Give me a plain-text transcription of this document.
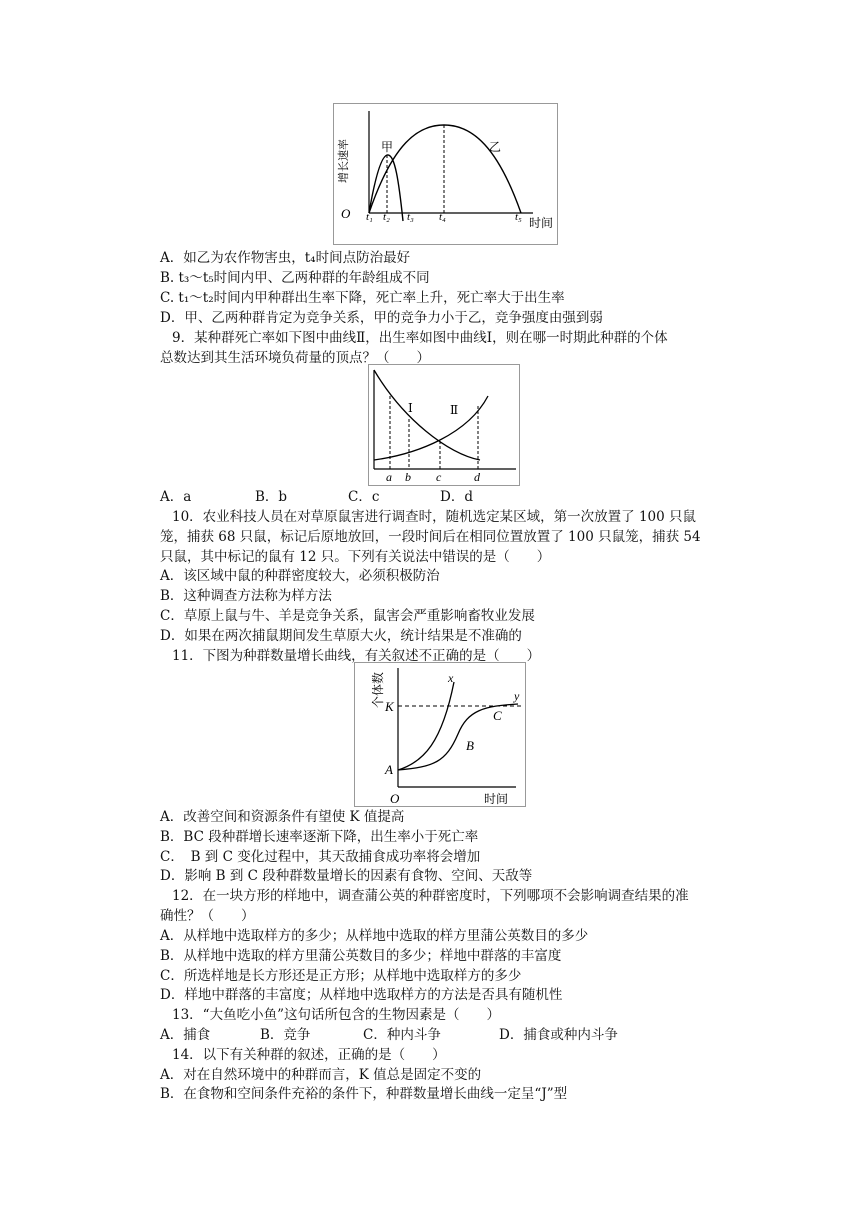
增长速率	甲	乙
O t₁ t₂ t₃ t₄	t₅ 时间
A．如乙为农作物害虫，t₄时间点防治最好
B. t₃～t₅时间内甲、乙两种群的年龄组成不同
C. t₁～t₂时间内甲种群出生率下降，死亡率上升，死亡率大于出生率
D．甲、乙两种群肯定为竞争关系，甲的竞争力小于乙，竞争强度由强到弱
9．某种群死亡率如下图中曲线Ⅱ，出生率如图中曲线Ⅰ，则在哪一时期此种群的个体
总数达到其生活环境负荷量的顶点？（　　）
Ⅰ	Ⅱ
a b c	d
A．a	B．b	C．c	D．d
10．农业科技人员在对草原鼠害进行调查时，随机选定某区域，第一次放置了 100 只鼠
笼，捕获 68 只鼠，标记后原地放回，一段时间后在相同位置放置了 100 只鼠笼，捕获 54
只鼠，其中标记的鼠有 12 只。下列有关说法中错误的是（　　）
A．该区域中鼠的种群密度较大，必须积极防治
B．这种调查方法称为样方法
C．草原上鼠与牛、羊是竞争关系，鼠害会严重影响畜牧业发展
D．如果在两次捕鼠期间发生草原大火，统计结果是不准确的
11．下图为种群数量增长曲线，有关叙述不正确的是（　　）
个体数 K
A
B
C
x
y
O	时间
A．改善空间和资源条件有望使 K 值提高
B．BC 段种群增长速率逐渐下降，出生率小于死亡率
C．　B 到 C 变化过程中，其天敌捕食成功率将会增加
D．影响 B 到 C 段种群数量增长的因素有食物、空间、天敌等
12．在一块方形的样地中，调查蒲公英的种群密度时，下列哪项不会影响调查结果的准
确性？（　　）
A．从样地中选取样方的多少；从样地中选取的样方里蒲公英数目的多少
B．从样地中选取的样方里蒲公英数目的多少；样地中群落的丰富度
C．所选样地是长方形还是正方形；从样地中选取样方的多少
D．样地中群落的丰富度；从样地中选取样方的方法是否具有随机性
13．“大鱼吃小鱼”这句话所包含的生物因素是（　　）
A．捕食	B．竞争	C．种内斗争	D．捕食或种内斗争
14．以下有关种群的叙述，正确的是（　　）
A．对在自然环境中的种群而言，K 值总是固定不变的
B．在食物和空间条件充裕的条件下，种群数量增长曲线一定呈“J”型
